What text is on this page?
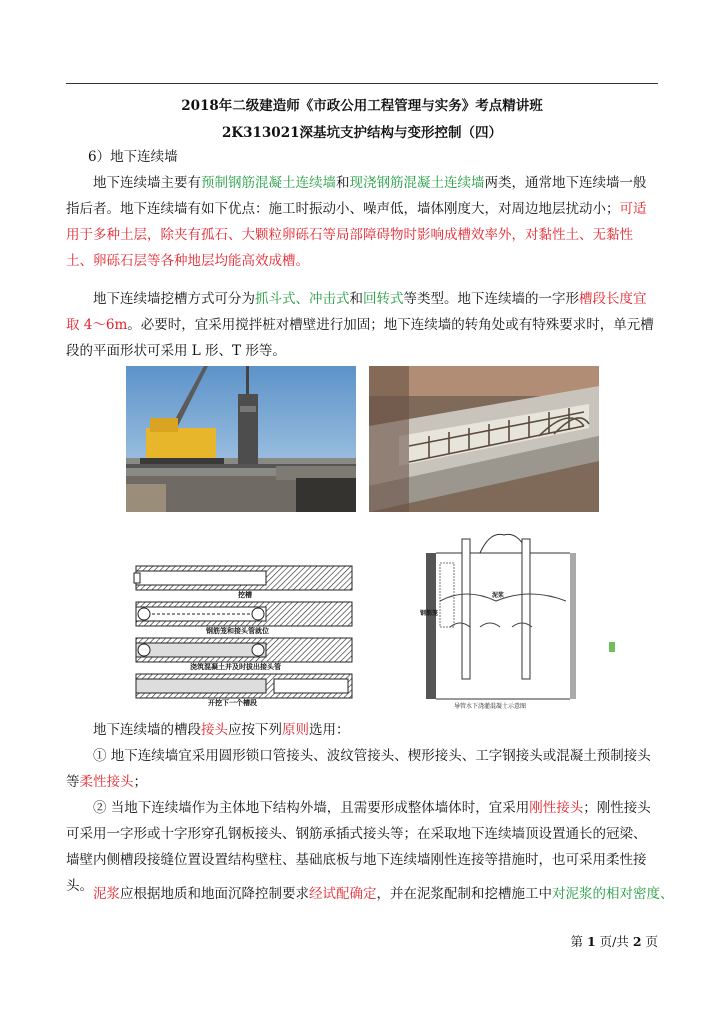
2018年二级建造师《市政公用工程管理与实务》考点精讲班
2K313021深基坑支护结构与变形控制（四）
6）地下连续墙
地下连续墙主要有预制钢筋混凝土连续墙和现浇钢筋混凝土连续墙两类，通常地下连续墙一般指后者。地下连续墙有如下优点：施工时振动小、噪声低，墙体刚度大，对周边地层扰动小；可适用于多种土层，除夹有孤石、大颗粒卵砾石等局部障碍物时影响成槽效率外，对黏性土、无黏性土、卵砾石层等各种地层均能高效成槽。
地下连续墙挖槽方式可分为抓斗式、冲击式和回转式等类型。地下连续墙的一字形槽段长度宜取 4～6m。必要时，宜采用搅拌桩对槽壁进行加固；地下连续墙的转角处或有特殊要求时，单元槽段的平面形状可采用 L 形、T 形等。
挖槽
钢筋笼和接头管就位
浇筑混凝土并及时拔出接头管
开挖下一个槽段
钢筋笼
泥浆
导管水下浇灌混凝土示意图
地下连续墙的槽段接头应按下列原则选用：
① 地下连续墙宜采用圆形锁口管接头、波纹管接头、楔形接头、工字钢接头或混凝土预制接头等柔性接头；
② 当地下连续墙作为主体地下结构外墙，且需要形成整体墙体时，宜采用刚性接头；刚性接头可采用一字形或十字形穿孔钢板接头、钢筋承插式接头等；在采取地下连续墙顶设置通长的冠梁、墙壁内侧槽段接缝位置设置结构壁柱、基础底板与地下连续墙刚性连接等措施时，也可采用柔性接头。 泥浆应根据地质和地面沉降控制要求经试配确定，并在泥浆配制和挖槽施工中对泥浆的相对密度、
第 1 页/共 2 页
